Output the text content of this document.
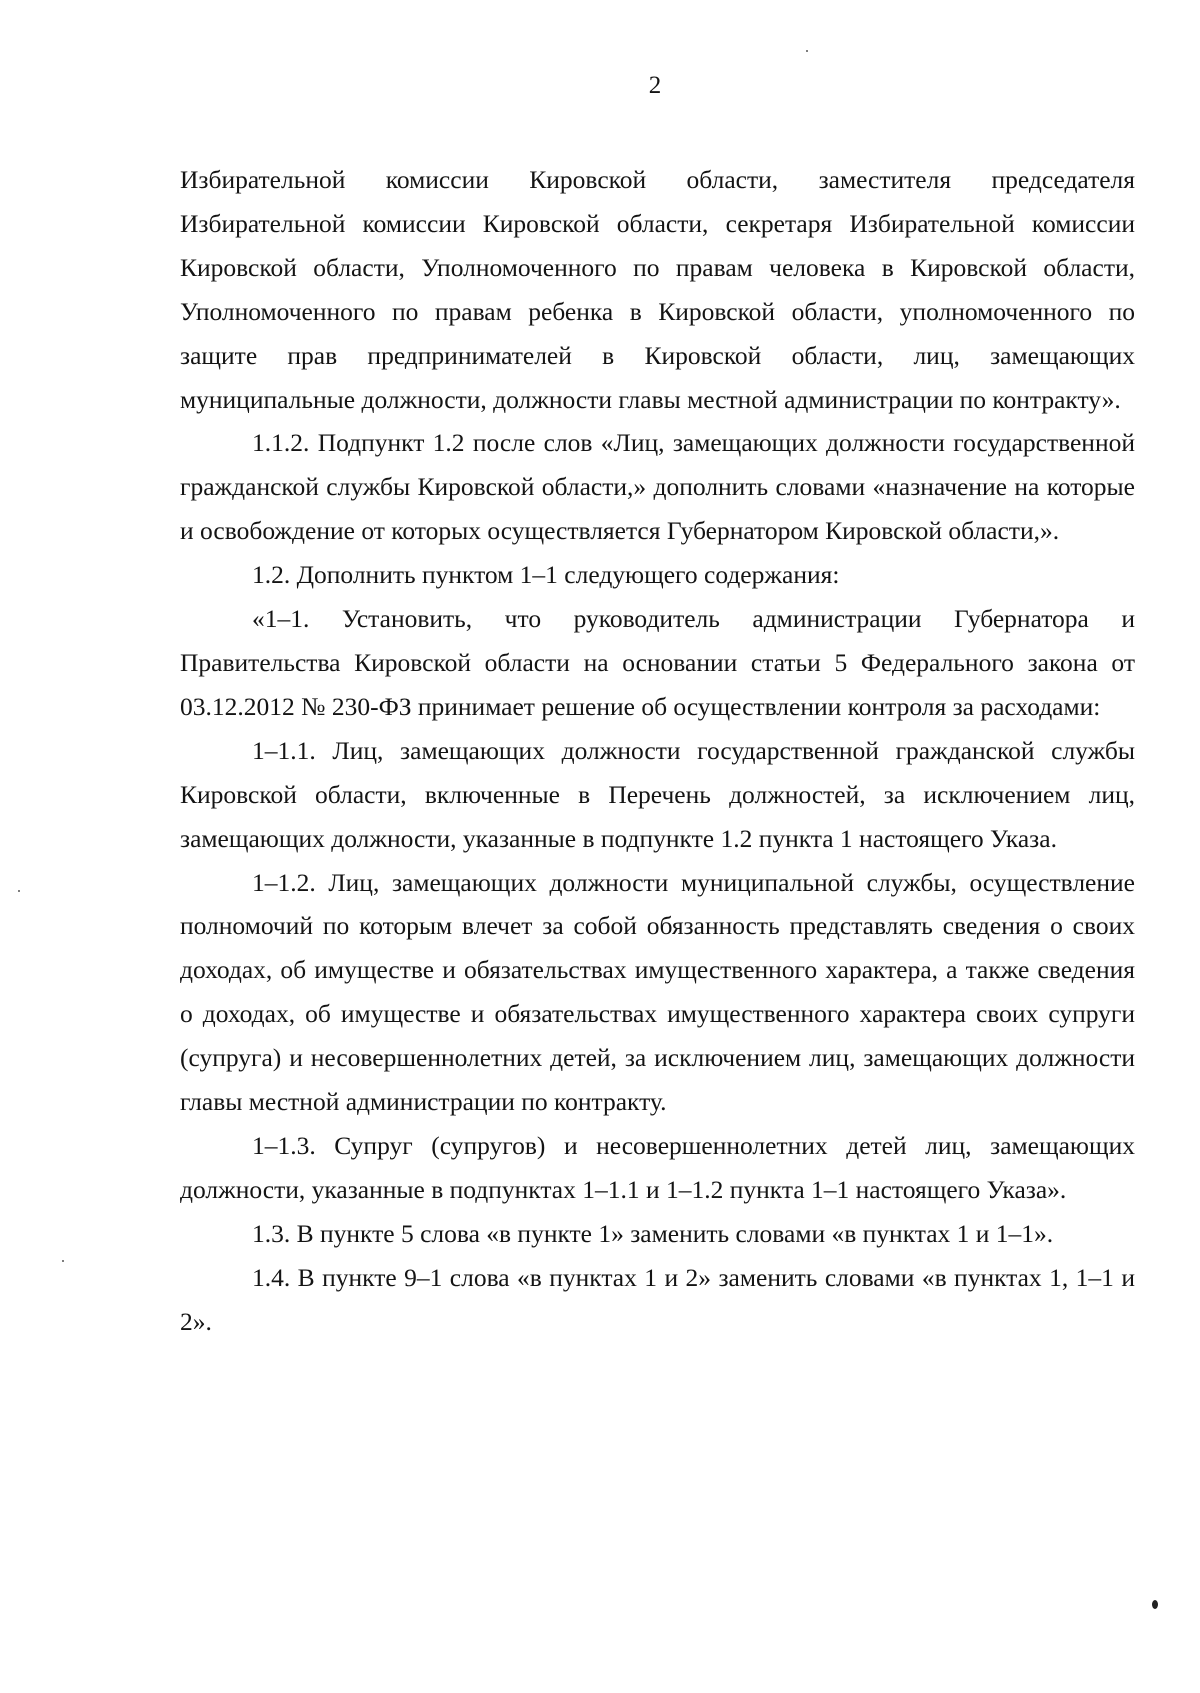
2

Избирательной комиссии Кировской области, заместителя председателя Избирательной комиссии Кировской области, секретаря Избирательной комиссии Кировской области, Уполномоченного по правам человека в Кировской области, Уполномоченного по правам ребенка в Кировской области, уполномоченного по защите прав предпринимателей в Кировской области, лиц, замещающих муниципальные должности, должности главы местной администрации по контракту».

1.1.2. Подпункт 1.2 после слов «Лиц, замещающих должности государственной гражданской службы Кировской области,» дополнить словами «назначение на которые и освобождение от которых осуществляется Губернатором Кировской области,».

1.2. Дополнить пунктом 1–1 следующего содержания:

«1–1. Установить, что руководитель администрации Губернатора и Правительства Кировской области на основании статьи 5 Федерального закона от 03.12.2012 № 230-ФЗ принимает решение об осуществлении контроля за расходами:

1–1.1. Лиц, замещающих должности государственной гражданской службы Кировской области, включенные в Перечень должностей, за исключением лиц, замещающих должности, указанные в подпункте 1.2 пункта 1 настоящего Указа.

1–1.2. Лиц, замещающих должности муниципальной службы, осуществление полномочий по которым влечет за собой обязанность представлять сведения о своих доходах, об имуществе и обязательствах имущественного характера, а также сведения о доходах, об имуществе и обязательствах имущественного характера своих супруги (супруга) и несовершеннолетних детей, за исключением лиц, замещающих должности главы местной администрации по контракту.

1–1.3. Супруг (супругов) и несовершеннолетних детей лиц, замещающих должности, указанные в подпунктах 1–1.1 и 1–1.2 пункта 1–1 настоящего Указа».

1.3. В пункте 5 слова «в пункте 1» заменить словами «в пунктах 1 и 1–1».

1.4. В пункте 9–1 слова «в пунктах 1 и 2» заменить словами «в пунктах 1, 1–1 и 2».
